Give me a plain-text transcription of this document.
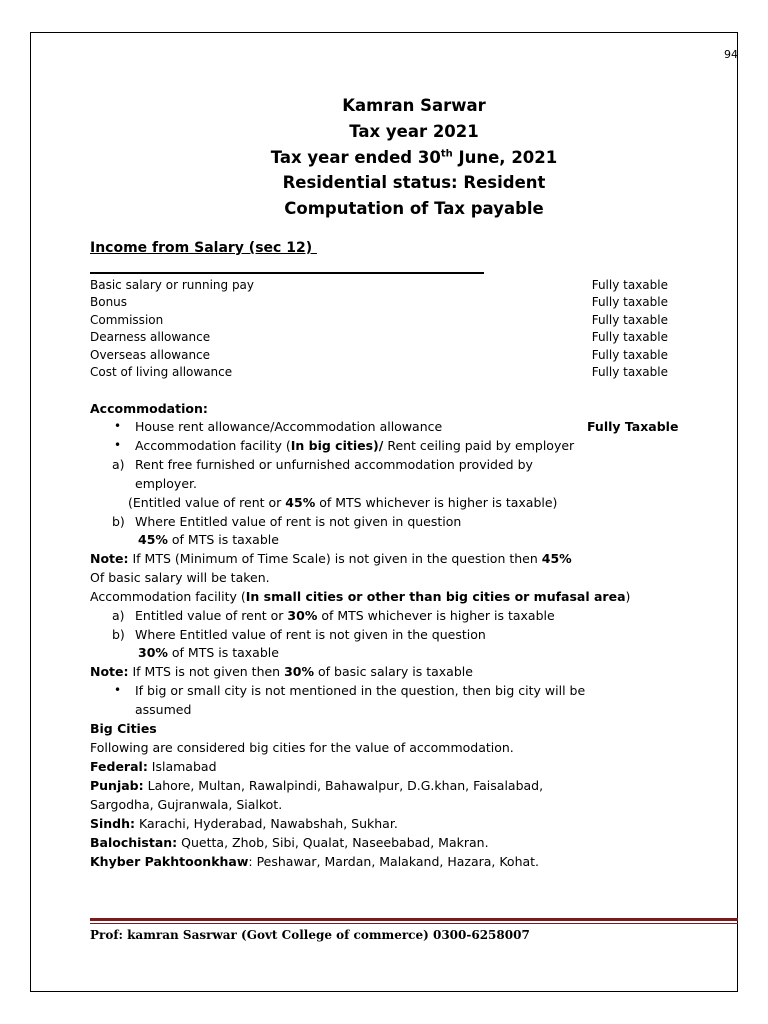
94
Kamran Sarwar
Tax year 2021
Tax year ended 30th June, 2021
Residential status: Resident
Computation of Tax payable
Income from Salary (sec 12)
Basic salary or running pay	Fully taxable
Bonus	Fully taxable
Commission	Fully taxable
Dearness allowance	Fully taxable
Overseas allowance	Fully taxable
Cost of living allowance	Fully taxable
Accommodation:
• House rent allowance/Accommodation allowance	Fully Taxable
• Accommodation facility (In big cities)/ Rent ceiling paid by employer
a) Rent free furnished or unfurnished accommodation provided by
employer.
(Entitled value of rent or 45% of MTS whichever is higher is taxable)
b) Where Entitled value of rent is not given in question
45% of MTS is taxable
Note: If MTS (Minimum of Time Scale) is not given in the question then 45%
Of basic salary will be taken.
Accommodation facility (In small cities or other than big cities or mufasal area)
a) Entitled value of rent or 30% of MTS whichever is higher is taxable
b) Where Entitled value of rent is not given in the question
30% of MTS is taxable
Note: If MTS is not given then 30% of basic salary is taxable
• If big or small city is not mentioned in the question, then big city will be
assumed
Big Cities
Following are considered big cities for the value of accommodation.
Federal: Islamabad
Punjab: Lahore, Multan, Rawalpindi, Bahawalpur, D.G.khan, Faisalabad,
Sargodha, Gujranwala, Sialkot.
Sindh: Karachi, Hyderabad, Nawabshah, Sukhar.
Balochistan: Quetta, Zhob, Sibi, Qualat, Naseebabad, Makran.
Khyber Pakhtoonkhaw: Peshawar, Mardan, Malakand, Hazara, Kohat.
Prof: kamran Sasrwar (Govt College of commerce) 0300-6258007
